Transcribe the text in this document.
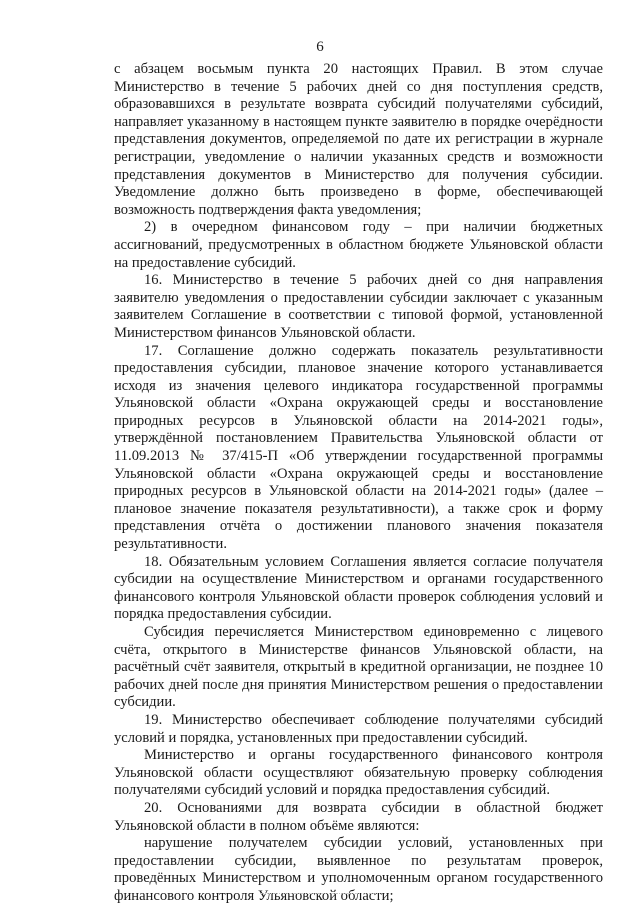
6

с абзацем восьмым пункта 20 настоящих Правил. В этом случае Министерство в течение 5 рабочих дней со дня поступления средств, образовавшихся в результате возврата субсидий получателями субсидий, направляет указанному в настоящем пункте заявителю в порядке очерёдности представления документов, определяемой по дате их регистрации в журнале регистрации, уведомление о наличии указанных средств и возможности представления документов в Министерство для получения субсидии. Уведомление должно быть произведено в форме, обеспечивающей возможность подтверждения факта уведомления;

2) в очередном финансовом году – при наличии бюджетных ассигнований, предусмотренных в областном бюджете Ульяновской области на предоставление субсидий.

16. Министерство в течение 5 рабочих дней со дня направления заявителю уведомления о предоставлении субсидии заключает с указанным заявителем Соглашение в соответствии с типовой формой, установленной Министерством финансов Ульяновской области.

17. Соглашение должно содержать показатель результативности предоставления субсидии, плановое значение которого устанавливается исходя из значения целевого индикатора государственной программы Ульяновской области «Охрана окружающей среды и восстановление природных ресурсов в Ульяновской области на 2014-2021 годы», утверждённой постановлением Правительства Ульяновской области от 11.09.2013 № 37/415-П «Об утверждении государственной программы Ульяновской области «Охрана окружающей среды и восстановление природных ресурсов в Ульяновской области на 2014-2021 годы» (далее – плановое значение показателя результативности), а также срок и форму представления отчёта о достижении планового значения показателя результативности.

18. Обязательным условием Соглашения является согласие получателя субсидии на осуществление Министерством и органами государственного финансового контроля Ульяновской области проверок соблюдения условий и порядка предоставления субсидии.

Субсидия перечисляется Министерством единовременно с лицевого счёта, открытого в Министерстве финансов Ульяновской области, на расчётный счёт заявителя, открытый в кредитной организации, не позднее 10 рабочих дней после дня принятия Министерством решения о предоставлении субсидии.

19. Министерство обеспечивает соблюдение получателями субсидий условий и порядка, установленных при предоставлении субсидий.

Министерство и органы государственного финансового контроля Ульяновской области осуществляют обязательную проверку соблюдения получателями субсидий условий и порядка предоставления субсидий.

20. Основаниями для возврата субсидии в областной бюджет Ульяновской области в полном объёме являются:

нарушение получателем субсидии условий, установленных при предоставлении субсидии, выявленное по результатам проверок, проведённых Министерством и уполномоченным органом государственного финансового контроля Ульяновской области;
